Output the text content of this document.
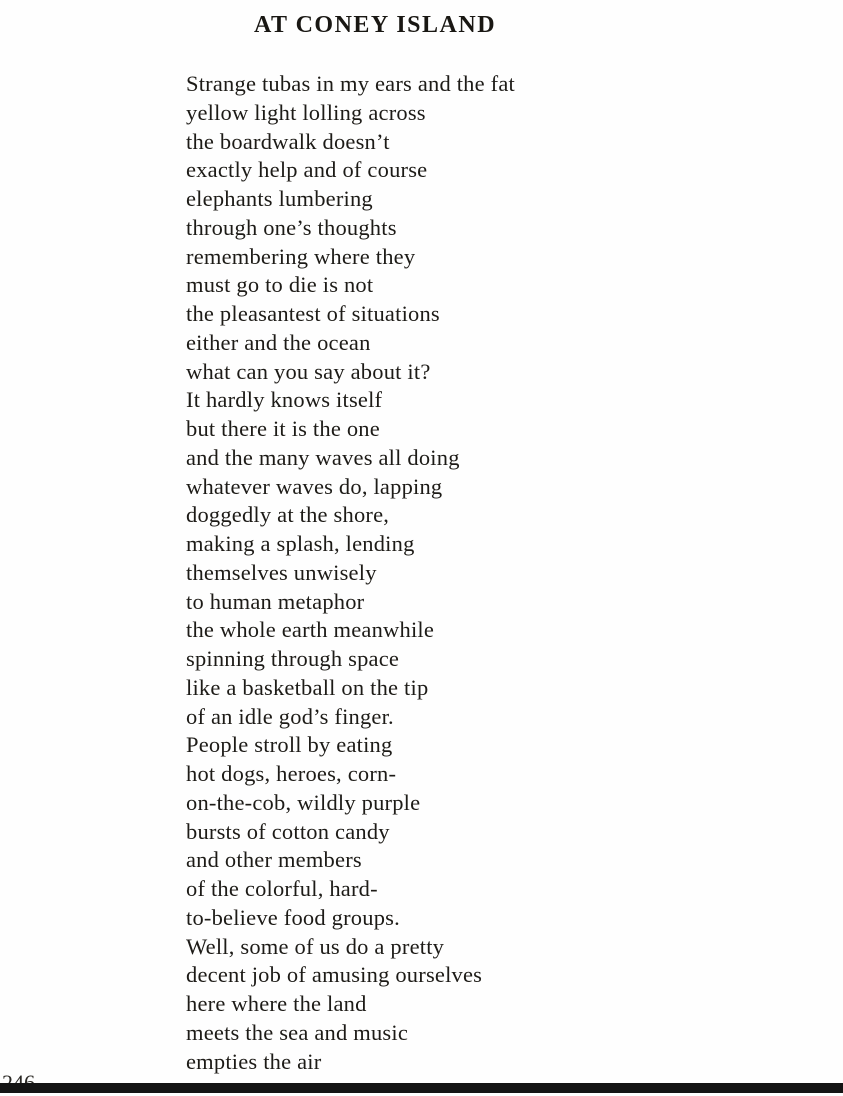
AT CONEY ISLAND
Strange tubas in my ears and the fat
yellow light lolling across
the boardwalk doesn’t
exactly help and of course
elephants lumbering
through one’s thoughts
remembering where they
must go to die is not
the pleasantest of situations
either and the ocean
what can you say about it?
It hardly knows itself
but there it is the one
and the many waves all doing
whatever waves do, lapping
doggedly at the shore,
making a splash, lending
themselves unwisely
to human metaphor
the whole earth meanwhile
spinning through space
like a basketball on the tip
of an idle god’s finger.
People stroll by eating
hot dogs, heroes, corn-
on-the-cob, wildly purple
bursts of cotton candy
and other members
of the colorful, hard-
to-believe food groups.
Well, some of us do a pretty
decent job of amusing ourselves
here where the land
meets the sea and music
empties the air
